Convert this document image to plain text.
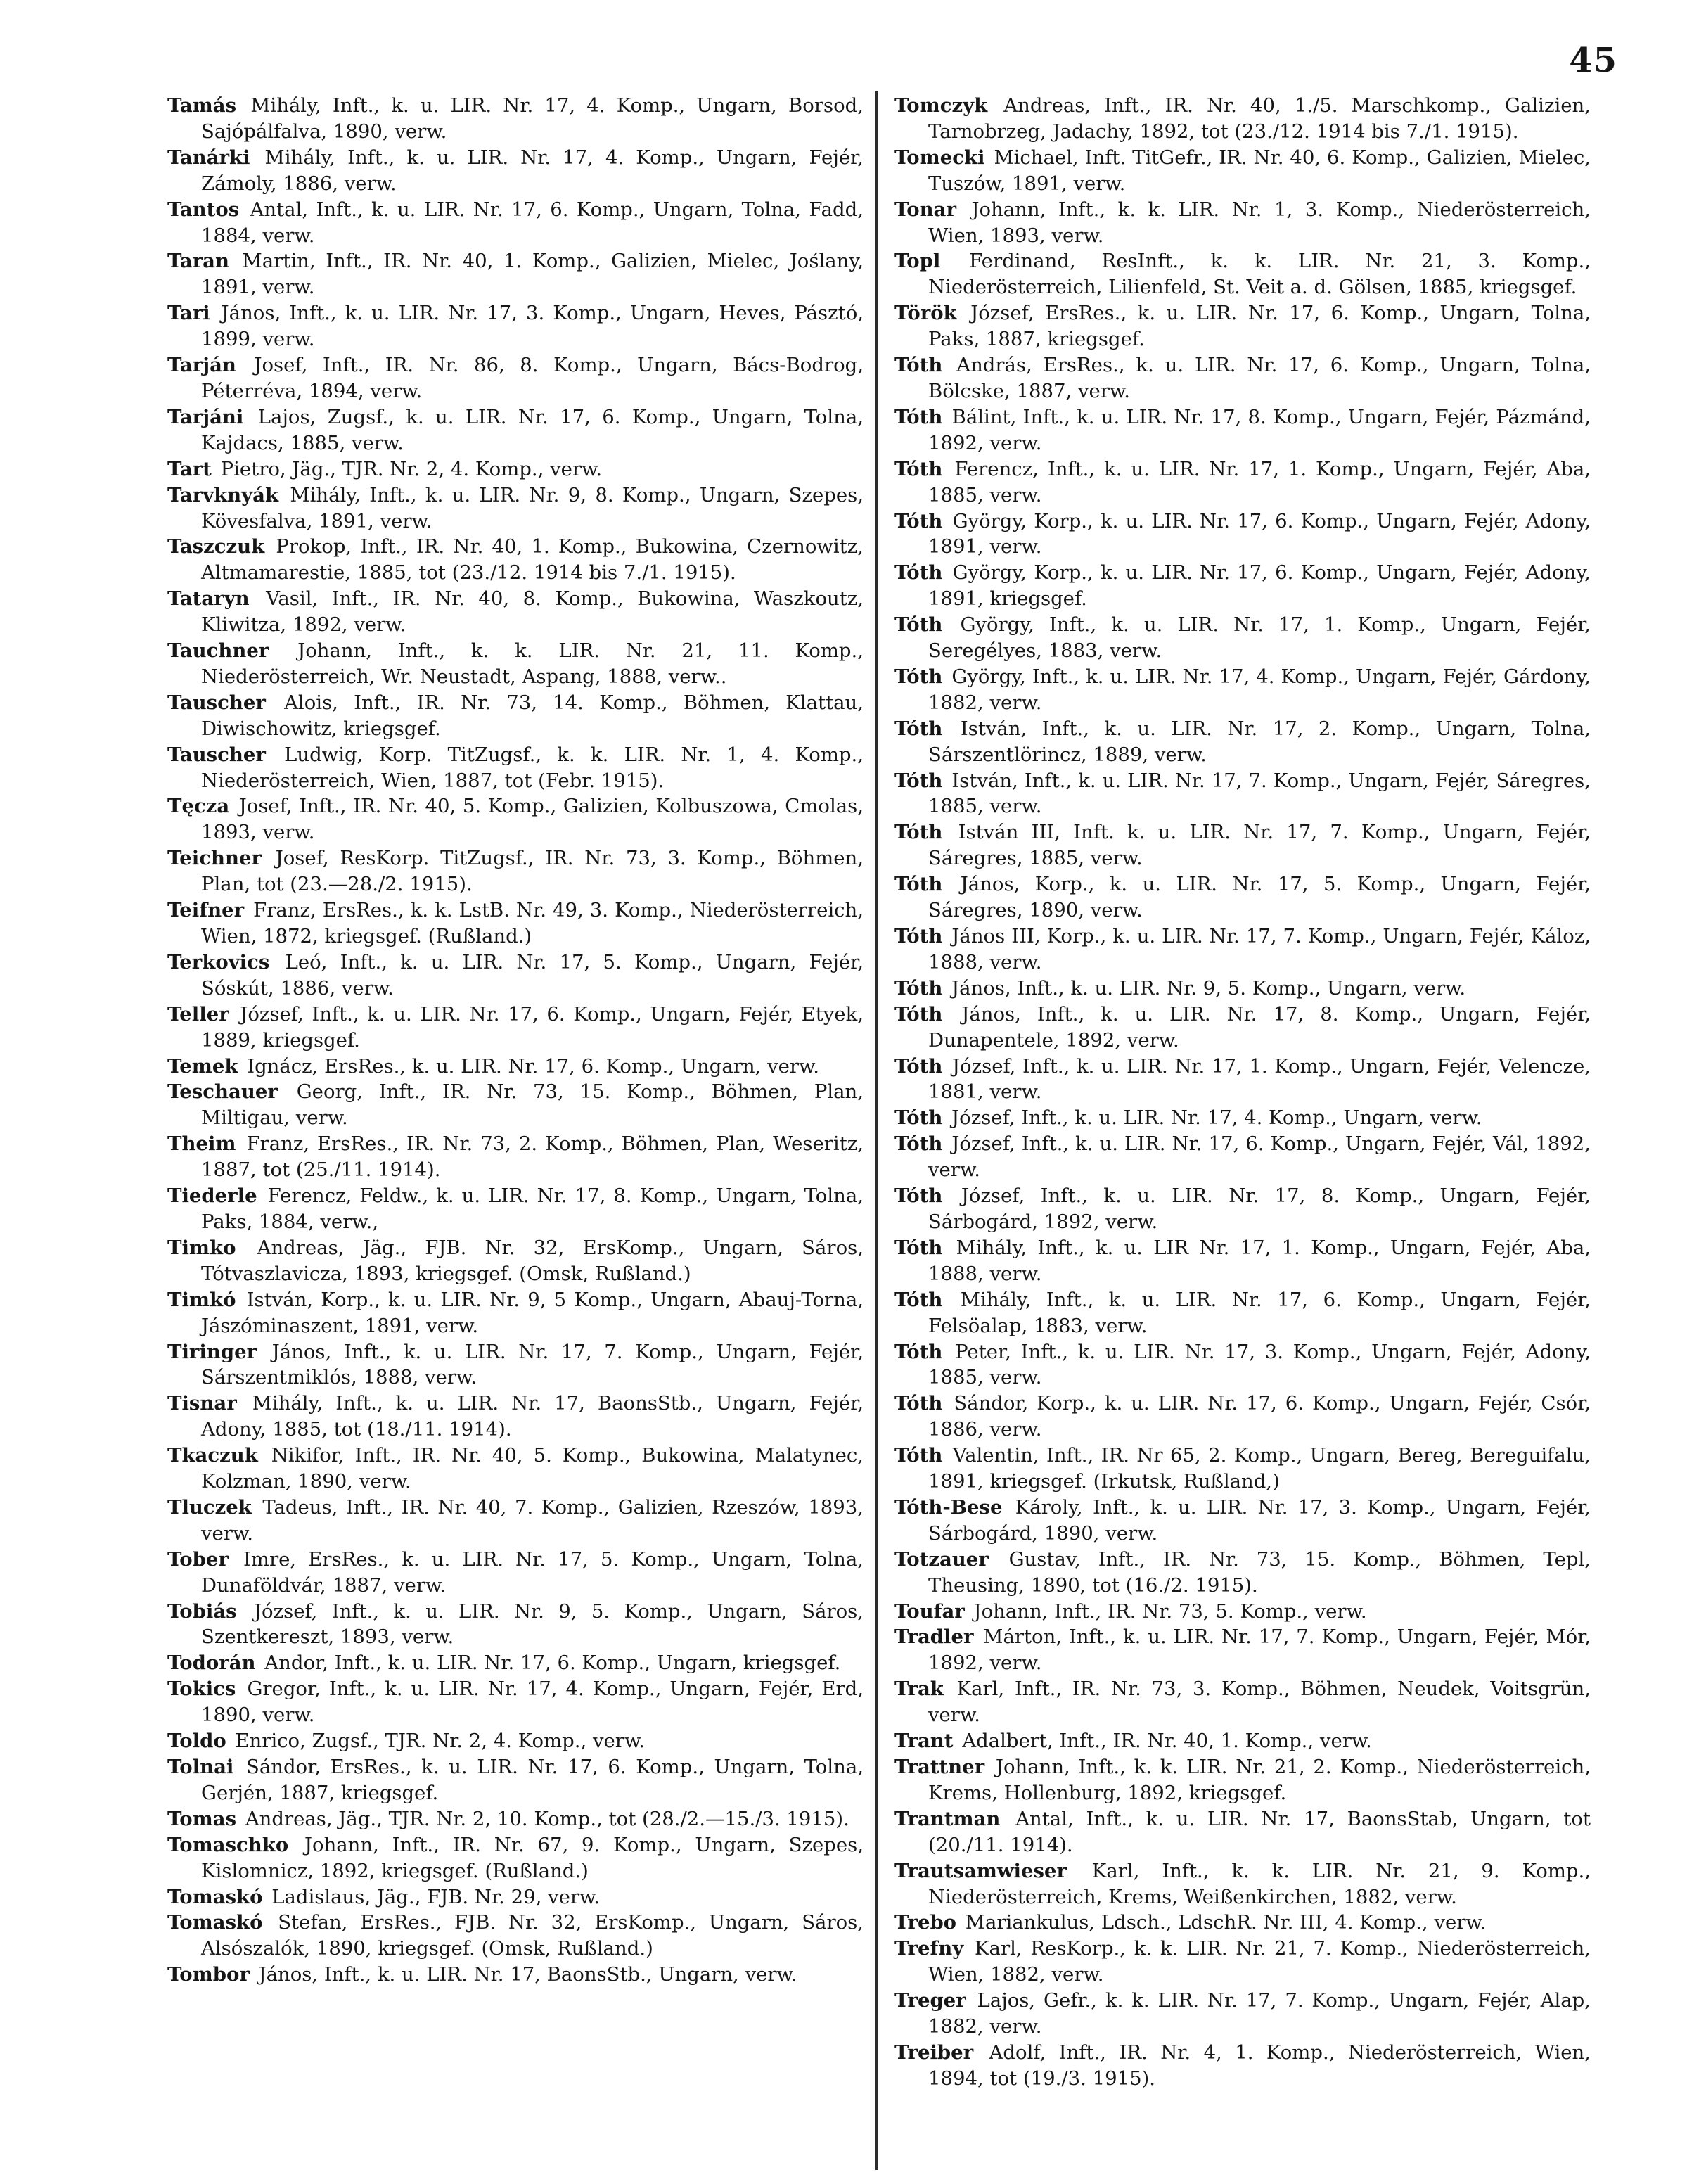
45
Tamás Mihály, Inft., k. u. LIR. Nr. 17, 4. Komp., Ungarn, Borsod, Sajópálfalva, 1890, verw.
Tanárki Mihály, Inft., k. u. LIR. Nr. 17, 4. Komp., Ungarn, Fejér, Zámoly, 1886, verw.
Tantos Antal, Inft., k. u. LIR. Nr. 17, 6. Komp., Ungarn, Tolna, Fadd, 1884, verw.
Taran Martin, Inft., IR. Nr. 40, 1. Komp., Galizien, Mielec, Joślany, 1891, verw.
Tari János, Inft., k. u. LIR. Nr. 17, 3. Komp., Ungarn, Heves, Pásztó, 1899, verw.
Tarján Josef, Inft., IR. Nr. 86, 8. Komp., Ungarn, Bács-Bodrog, Péterréva, 1894, verw.
Tarjáni Lajos, Zugsf., k. u. LIR. Nr. 17, 6. Komp., Ungarn, Tolna, Kajdacs, 1885, verw.
Tart Pietro, Jäg., TJR. Nr. 2, 4. Komp., verw.
Tarvknyák Mihály, Inft., k. u. LIR. Nr. 9, 8. Komp., Ungarn, Szepes, Kövesfalva, 1891, verw.
Taszczuk Prokop, Inft., IR. Nr. 40, 1. Komp., Bukowina, Czernowitz, Altmamarestie, 1885, tot (23./12. 1914 bis 7./1. 1915).
Tataryn Vasil, Inft., IR. Nr. 40, 8. Komp., Bukowina, Waszkoutz, Kliwitza, 1892, verw.
Tauchner Johann, Inft., k. k. LIR. Nr. 21, 11. Komp., Niederösterreich, Wr. Neustadt, Aspang, 1888, verw..
Tauscher Alois, Inft., IR. Nr. 73, 14. Komp., Böhmen, Klattau, Diwischowitz, kriegsgef.
Tauscher Ludwig, Korp. TitZugsf., k. k. LIR. Nr. 1, 4. Komp., Niederösterreich, Wien, 1887, tot (Febr. 1915).
Tęcza Josef, Inft., IR. Nr. 40, 5. Komp., Galizien, Kolbuszowa, Cmolas, 1893, verw.
Teichner Josef, ResKorp. TitZugsf., IR. Nr. 73, 3. Komp., Böhmen, Plan, tot (23.—28./2. 1915).
Teifner Franz, ErsRes., k. k. LstB. Nr. 49, 3. Komp., Niederösterreich, Wien, 1872, kriegsgef. (Rußland.)
Terkovics Leó, Inft., k. u. LIR. Nr. 17, 5. Komp., Ungarn, Fejér, Sóskút, 1886, verw.
Teller József, Inft., k. u. LIR. Nr. 17, 6. Komp., Ungarn, Fejér, Etyek, 1889, kriegsgef.
Temek Ignácz, ErsRes., k. u. LIR. Nr. 17, 6. Komp., Ungarn, verw.
Teschauer Georg, Inft., IR. Nr. 73, 15. Komp., Böhmen, Plan, Miltigau, verw.
Theim Franz, ErsRes., IR. Nr. 73, 2. Komp., Böhmen, Plan, Weseritz, 1887, tot (25./11. 1914).
Tiederle Ferencz, Feldw., k. u. LIR. Nr. 17, 8. Komp., Ungarn, Tolna, Paks, 1884, verw.,
Timko Andreas, Jäg., FJB. Nr. 32, ErsKomp., Ungarn, Sáros, Tótvaszlavicza, 1893, kriegsgef. (Omsk, Rußland.)
Timkó István, Korp., k. u. LIR. Nr. 9, 5 Komp., Ungarn, Abauj-Torna, Jászóminaszent, 1891, verw.
Tiringer János, Inft., k. u. LIR. Nr. 17, 7. Komp., Ungarn, Fejér, Sárszentmiklós, 1888, verw.
Tisnar Mihály, Inft., k. u. LIR. Nr. 17, BaonsStb., Ungarn, Fejér, Adony, 1885, tot (18./11. 1914).
Tkaczuk Nikifor, Inft., IR. Nr. 40, 5. Komp., Bukowina, Malatynec, Kolzman, 1890, verw.
Tluczek Tadeus, Inft., IR. Nr. 40, 7. Komp., Galizien, Rzeszów, 1893, verw.
Tober Imre, ErsRes., k. u. LIR. Nr. 17, 5. Komp., Ungarn, Tolna, Dunaföldvár, 1887, verw.
Tobiás József, Inft., k. u. LIR. Nr. 9, 5. Komp., Ungarn, Sáros, Szentkereszt, 1893, verw.
Todorán Andor, Inft., k. u. LIR. Nr. 17, 6. Komp., Ungarn, kriegsgef.
Tokics Gregor, Inft., k. u. LIR. Nr. 17, 4. Komp., Ungarn, Fejér, Erd, 1890, verw.
Toldo Enrico, Zugsf., TJR. Nr. 2, 4. Komp., verw.
Tolnai Sándor, ErsRes., k. u. LIR. Nr. 17, 6. Komp., Ungarn, Tolna, Gerjén, 1887, kriegsgef.
Tomas Andreas, Jäg., TJR. Nr. 2, 10. Komp., tot (28./2.—15./3. 1915).
Tomaschko Johann, Inft., IR. Nr. 67, 9. Komp., Ungarn, Szepes, Kislomnicz, 1892, kriegsgef. (Rußland.)
Tomaskó Ladislaus, Jäg., FJB. Nr. 29, verw.
Tomaskó Stefan, ErsRes., FJB. Nr. 32, ErsKomp., Ungarn, Sáros, Alsószalók, 1890, kriegsgef. (Omsk, Rußland.)
Tombor János, Inft., k. u. LIR. Nr. 17, BaonsStb., Ungarn, verw.
Tomczyk Andreas, Inft., IR. Nr. 40, 1./5. Marschkomp., Galizien, Tarnobrzeg, Jadachy, 1892, tot (23./12. 1914 bis 7./1. 1915).
Tomecki Michael, Inft. TitGefr., IR. Nr. 40, 6. Komp., Galizien, Mielec, Tuszów, 1891, verw.
Tonar Johann, Inft., k. k. LIR. Nr. 1, 3. Komp., Niederösterreich, Wien, 1893, verw.
Topl Ferdinand, ResInft., k. k. LIR. Nr. 21, 3. Komp., Niederösterreich, Lilienfeld, St. Veit a. d. Gölsen, 1885, kriegsgef.
Török József, ErsRes., k. u. LIR. Nr. 17, 6. Komp., Ungarn, Tolna, Paks, 1887, kriegsgef.
Tóth András, ErsRes., k. u. LIR. Nr. 17, 6. Komp., Ungarn, Tolna, Bölcske, 1887, verw.
Tóth Bálint, Inft., k. u. LIR. Nr. 17, 8. Komp., Ungarn, Fejér, Pázmánd, 1892, verw.
Tóth Ferencz, Inft., k. u. LIR. Nr. 17, 1. Komp., Ungarn, Fejér, Aba, 1885, verw.
Tóth György, Korp., k. u. LIR. Nr. 17, 6. Komp., Ungarn, Fejér, Adony, 1891, verw.
Tóth György, Korp., k. u. LIR. Nr. 17, 6. Komp., Ungarn, Fejér, Adony, 1891, kriegsgef.
Tóth György, Inft., k. u. LIR. Nr. 17, 1. Komp., Ungarn, Fejér, Seregélyes, 1883, verw.
Tóth György, Inft., k. u. LIR. Nr. 17, 4. Komp., Ungarn, Fejér, Gárdony, 1882, verw.
Tóth István, Inft., k. u. LIR. Nr. 17, 2. Komp., Ungarn, Tolna, Sárszentlörincz, 1889, verw.
Tóth István, Inft., k. u. LIR. Nr. 17, 7. Komp., Ungarn, Fejér, Sáregres, 1885, verw.
Tóth István III, Inft. k. u. LIR. Nr. 17, 7. Komp., Ungarn, Fejér, Sáregres, 1885, verw.
Tóth János, Korp., k. u. LIR. Nr. 17, 5. Komp., Ungarn, Fejér, Sáregres, 1890, verw.
Tóth János III, Korp., k. u. LIR. Nr. 17, 7. Komp., Ungarn, Fejér, Káloz, 1888, verw.
Tóth János, Inft., k. u. LIR. Nr. 9, 5. Komp., Ungarn, verw.
Tóth János, Inft., k. u. LIR. Nr. 17, 8. Komp., Ungarn, Fejér, Dunapentele, 1892, verw.
Tóth József, Inft., k. u. LIR. Nr. 17, 1. Komp., Ungarn, Fejér, Velencze, 1881, verw.
Tóth József, Inft., k. u. LIR. Nr. 17, 4. Komp., Ungarn, verw.
Tóth József, Inft., k. u. LIR. Nr. 17, 6. Komp., Ungarn, Fejér, Vál, 1892, verw.
Tóth József, Inft., k. u. LIR. Nr. 17, 8. Komp., Ungarn, Fejér, Sárbogárd, 1892, verw.
Tóth Mihály, Inft., k. u. LIR Nr. 17, 1. Komp., Ungarn, Fejér, Aba, 1888, verw.
Tóth Mihály, Inft., k. u. LIR. Nr. 17, 6. Komp., Ungarn, Fejér, Felsöalap, 1883, verw.
Tóth Peter, Inft., k. u. LIR. Nr. 17, 3. Komp., Ungarn, Fejér, Adony, 1885, verw.
Tóth Sándor, Korp., k. u. LIR. Nr. 17, 6. Komp., Ungarn, Fejér, Csór, 1886, verw.
Tóth Valentin, Inft., IR. Nr 65, 2. Komp., Ungarn, Bereg, Bereguifalu, 1891, kriegsgef. (Irkutsk, Rußland,)
Tóth-Bese Károly, Inft., k. u. LIR. Nr. 17, 3. Komp., Ungarn, Fejér, Sárbogárd, 1890, verw.
Totzauer Gustav, Inft., IR. Nr. 73, 15. Komp., Böhmen, Tepl, Theusing, 1890, tot (16./2. 1915).
Toufar Johann, Inft., IR. Nr. 73, 5. Komp., verw.
Tradler Márton, Inft., k. u. LIR. Nr. 17, 7. Komp., Ungarn, Fejér, Mór, 1892, verw.
Trak Karl, Inft., IR. Nr. 73, 3. Komp., Böhmen, Neudek, Voitsgrün, verw.
Trant Adalbert, Inft., IR. Nr. 40, 1. Komp., verw.
Trattner Johann, Inft., k. k. LIR. Nr. 21, 2. Komp., Niederösterreich, Krems, Hollenburg, 1892, kriegsgef.
Trantman Antal, Inft., k. u. LIR. Nr. 17, BaonsStab, Ungarn, tot (20./11. 1914).
Trautsamwieser Karl, Inft., k. k. LIR. Nr. 21, 9. Komp., Niederösterreich, Krems, Weißenkirchen, 1882, verw.
Trebo Mariankulus, Ldsch., LdschR. Nr. III, 4. Komp., verw.
Trefny Karl, ResKorp., k. k. LIR. Nr. 21, 7. Komp., Niederösterreich, Wien, 1882, verw.
Treger Lajos, Gefr., k. k. LIR. Nr. 17, 7. Komp., Ungarn, Fejér, Alap, 1882, verw.
Treiber Adolf, Inft., IR. Nr. 4, 1. Komp., Niederösterreich, Wien, 1894, tot (19./3. 1915).
